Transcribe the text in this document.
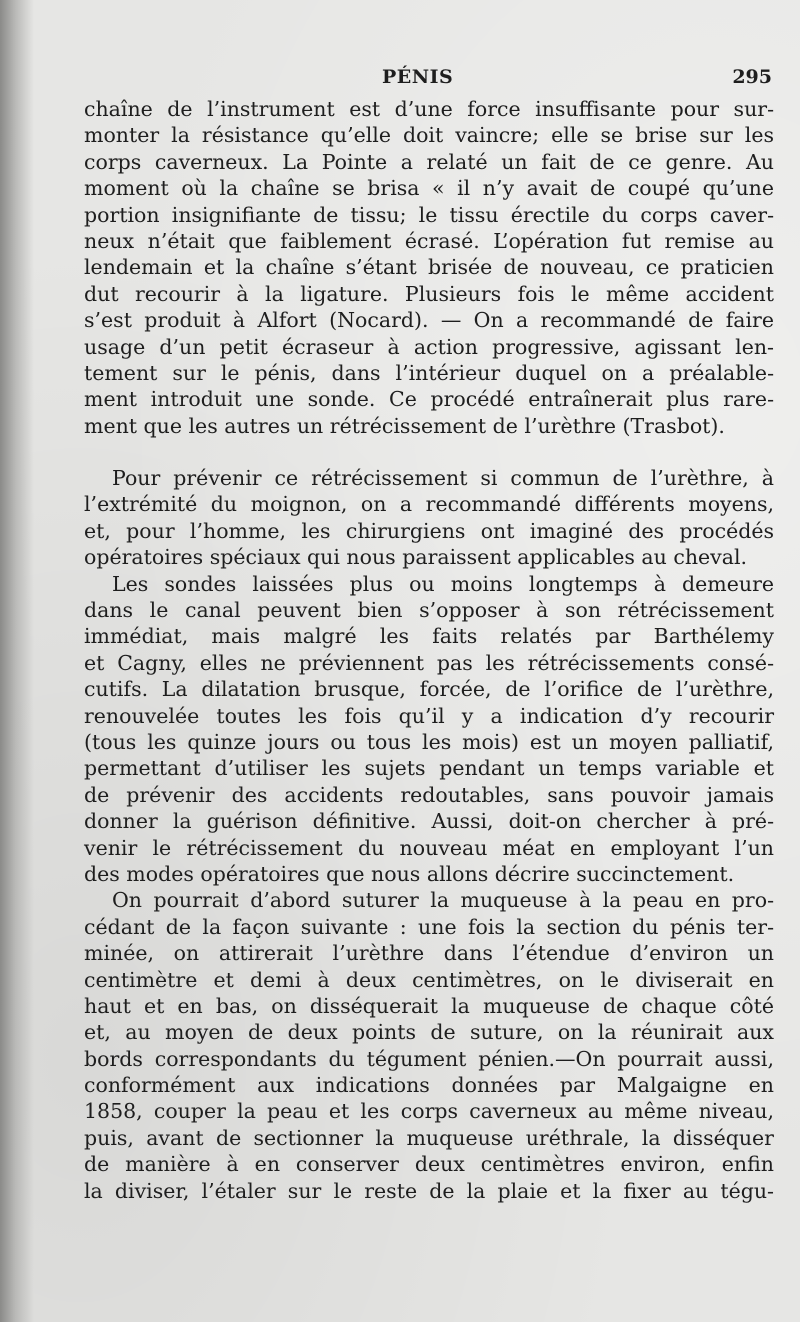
PÉNIS	295
chaîne de l’instrument est d’une force insuffisante pour sur-
monter la résistance qu’elle doit vaincre; elle se brise sur les
corps caverneux. La Pointe a relaté un fait de ce genre. Au
moment où la chaîne se brisa « il n’y avait de coupé qu’une
portion insignifiante de tissu; le tissu érectile du corps caver-
neux n’était que faiblement écrasé. L’opération fut remise au
lendemain et la chaîne s’étant brisée de nouveau, ce praticien
dut recourir à la ligature. Plusieurs fois le même accident
s’est produit à Alfort (Nocard). — On a recommandé de faire
usage d’un petit écraseur à action progressive, agissant len-
tement sur le pénis, dans l’intérieur duquel on a préalable-
ment introduit une sonde. Ce procédé entraînerait plus rare-
ment que les autres un rétrécissement de l’urèthre (Trasbot).
Pour prévenir ce rétrécissement si commun de l’urèthre, à
l’extrémité du moignon, on a recommandé différents moyens,
et, pour l’homme, les chirurgiens ont imaginé des procédés
opératoires spéciaux qui nous paraissent applicables au cheval.
Les sondes laissées plus ou moins longtemps à demeure
dans le canal peuvent bien s’opposer à son rétrécissement
immédiat, mais malgré les faits relatés par Barthélemy
et Cagny, elles ne préviennent pas les rétrécissements consé-
cutifs. La dilatation brusque, forcée, de l’orifice de l’urèthre,
renouvelée toutes les fois qu’il y a indication d’y recourir
(tous les quinze jours ou tous les mois) est un moyen palliatif,
permettant d’utiliser les sujets pendant un temps variable et
de prévenir des accidents redoutables, sans pouvoir jamais
donner la guérison définitive. Aussi, doit-on chercher à pré-
venir le rétrécissement du nouveau méat en employant l’un
des modes opératoires que nous allons décrire succinctement.
On pourrait d’abord suturer la muqueuse à la peau en pro-
cédant de la façon suivante : une fois la section du pénis ter-
minée, on attirerait l’urèthre dans l’étendue d’environ un
centimètre et demi à deux centimètres, on le diviserait en
haut et en bas, on disséquerait la muqueuse de chaque côté
et, au moyen de deux points de suture, on la réunirait aux
bords correspondants du tégument pénien.—On pourrait aussi,
conformément aux indications données par Malgaigne en
1858, couper la peau et les corps caverneux au même niveau,
puis, avant de sectionner la muqueuse uréthrale, la disséquer
de manière à en conserver deux centimètres environ, enfin
la diviser, l’étaler sur le reste de la plaie et la fixer au tégu-
